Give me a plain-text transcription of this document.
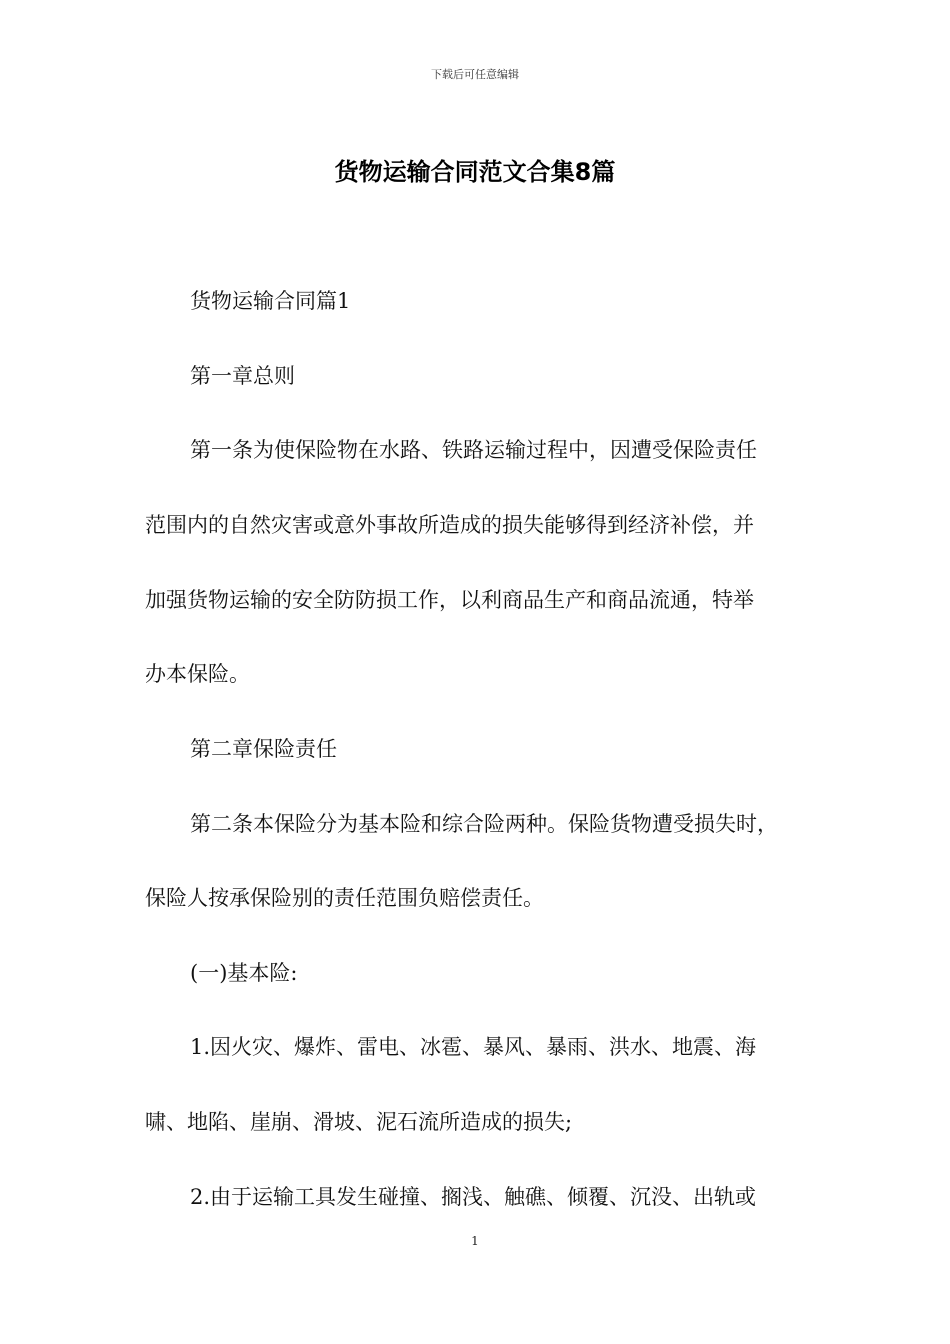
下载后可任意编辑
货物运输合同范文合集8篇
货物运输合同篇1
第一章总则
第一条为使保险物在水路、铁路运输过程中，因遭受保险责任
范围内的自然灾害或意外事故所造成的损失能够得到经济补偿，并
加强货物运输的安全防防损工作，以利商品生产和商品流通，特举
办本保险。
第二章保险责任
第二条本保险分为基本险和综合险两种。保险货物遭受损失时，
保险人按承保险别的责任范围负赔偿责任。
(一)基本险:
1.因火灾、爆炸、雷电、冰雹、暴风、暴雨、洪水、地震、海
啸、地陷、崖崩、滑坡、泥石流所造成的损失;
2.由于运输工具发生碰撞、搁浅、触礁、倾覆、沉没、出轨或
1
